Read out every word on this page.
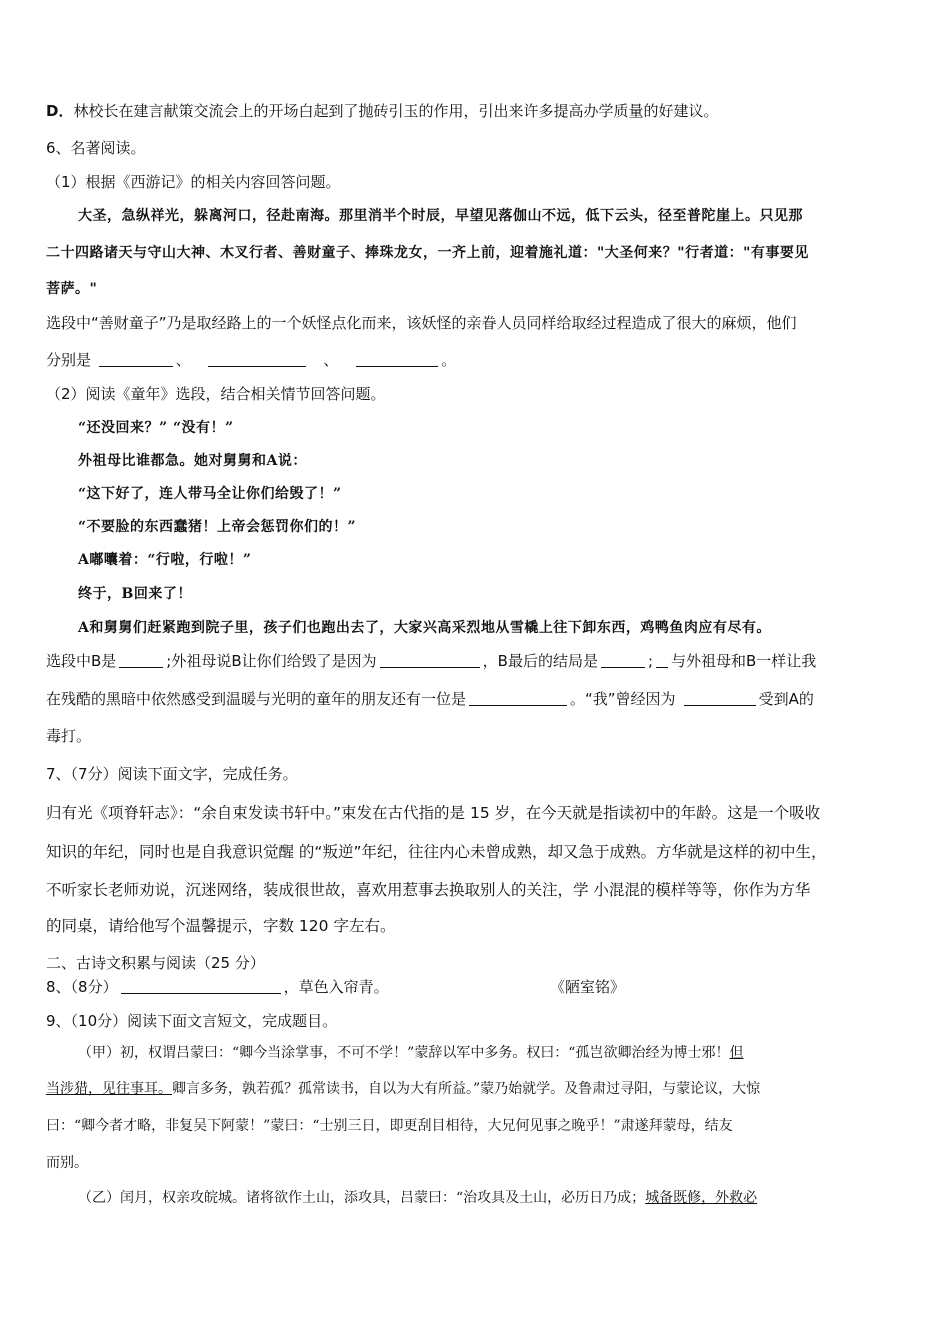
D．林校长在建言献策交流会上的开场白起到了抛砖引玉的作用，引出来许多提高办学质量的好建议。
6、名著阅读。
（1）根据《西游记》的相关内容回答问题。
大圣，急纵祥光，躲离河口，径赴南海。那里消半个时辰，早望见落伽山不远，低下云头，径至普陀崖上。只见那
二十四路诸天与守山大神、木叉行者、善财童子、捧珠龙女，一齐上前，迎着施礼道："大圣何来？"行者道："有事要见
菩萨。"
选段中“善财童子”乃是取经路上的一个妖怪点化而来，该妖怪的亲眷人员同样给取经过程造成了很大的麻烦，他们
分别是	、	、	。
（2）阅读《童年》选段，结合相关情节回答问题。
“还没回来？” “没有！”
外祖母比谁都急。她对舅舅和A说：
“这下好了，连人带马全让你们给毁了！”
“不要脸的东西蠢猪！上帝会惩罚你们的！”
A嘟囔着：“行啦，行啦！”
终于，B回来了！
A和舅舅们赶紧跑到院子里，孩子们也跑出去了，大家兴高采烈地从雪橇上往下卸东西，鸡鸭鱼肉应有尽有。
选段中B是	;外祖母说B让你们给毁了是因为	，B最后的结局是	; 与外祖母和B一样让我
在残酷的黑暗中依然感受到温暖与光明的童年的朋友还有一位是	。“我”曾经因为	受到A的
毒打。
7、（7分）阅读下面文字，完成任务。
归有光《项脊轩志》：“余自束发读书轩中。”束发在古代指的是 15 岁，在今天就是指读初中的年龄。这是一个吸收
知识的年纪，同时也是自我意识觉醒 的“叛逆”年纪，往往内心未曾成熟，却又急于成熟。方华就是这样的初中生，
不听家长老师劝说，沉迷网络，装成很世故，喜欢用惹事去换取别人的关注，学 小混混的模样等等，你作为方华
的同桌，请给他写个温馨提示，字数 120 字左右。
二、古诗文积累与阅读（25 分）
8、（8分）	，草色入帘青。	《陋室铭》
9、（10分）阅读下面文言短文，完成题目。
（甲）初，权谓吕蒙曰：“卿今当涂掌事，不可不学！”蒙辞以军中多务。权曰：“孤岂欲卿治经为博士邪！但
当涉猎，见往事耳。卿言多务，孰若孤？孤常读书，自以为大有所益。”蒙乃始就学。及鲁肃过寻阳，与蒙论议，大惊
曰：“卿今者才略，非复吴下阿蒙！”蒙曰：“士别三日，即更刮目相待，大兄何见事之晚乎！”肃遂拜蒙母，结友
而别。
（乙）闰月，权亲攻皖城。诸将欲作土山，添攻具，吕蒙曰：“治攻具及土山，必历日乃成；城备既修，外救必
